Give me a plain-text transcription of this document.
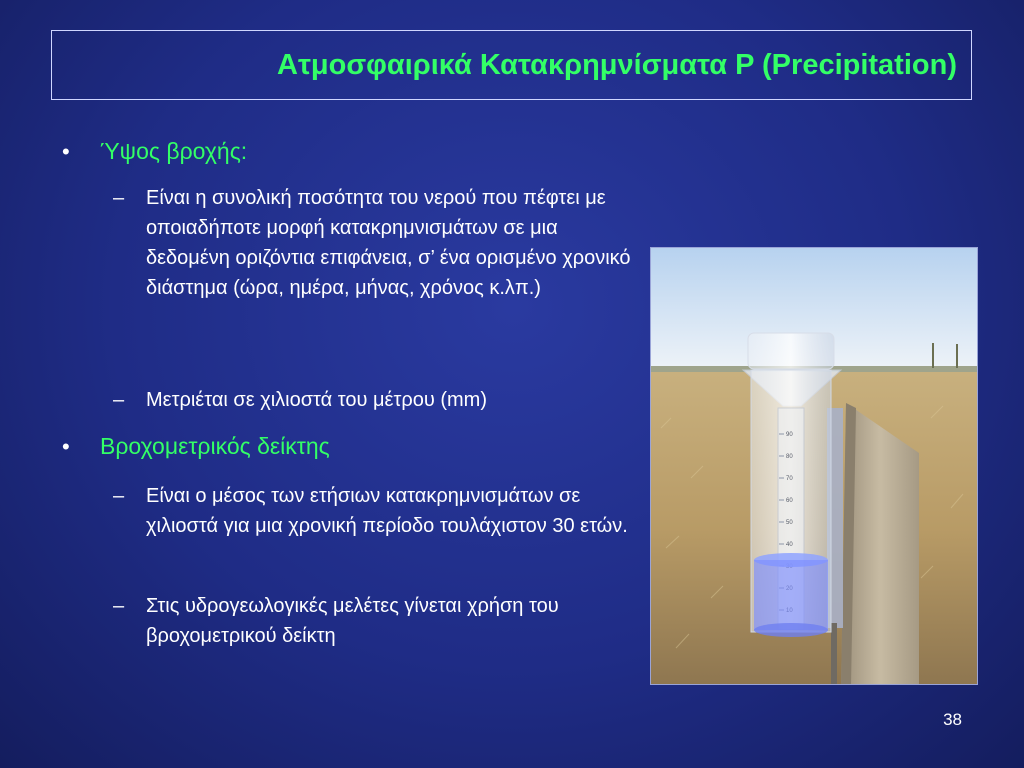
Ατμοσφαιρικά Κατακρημνίσματα P (Precipitation)
• Ύψος βροχής:
– Είναι η συνολική ποσότητα του νερού που πέφτει με οποιαδήποτε μορφή κατακρημνισμάτων σε μια δεδομένη οριζόντια επιφάνεια, σ’ ένα ορισμένο χρονικό διάστημα (ώρα, ημέρα, μήνας, χρόνος κ.λπ.)
– Μετριέται σε χιλιοστά του μέτρου (mm)
• Βροχομετρικός δείκτης
– Είναι ο μέσος των ετήσιων κατακρημνισμάτων σε χιλιοστά για μια χρονική περίοδο τουλάχιστον 30 ετών.
– Στις υδρογεωλογικές μελέτες γίνεται χρήση του βροχομετρικού δείκτη
90
80
70
60
50
40
38
